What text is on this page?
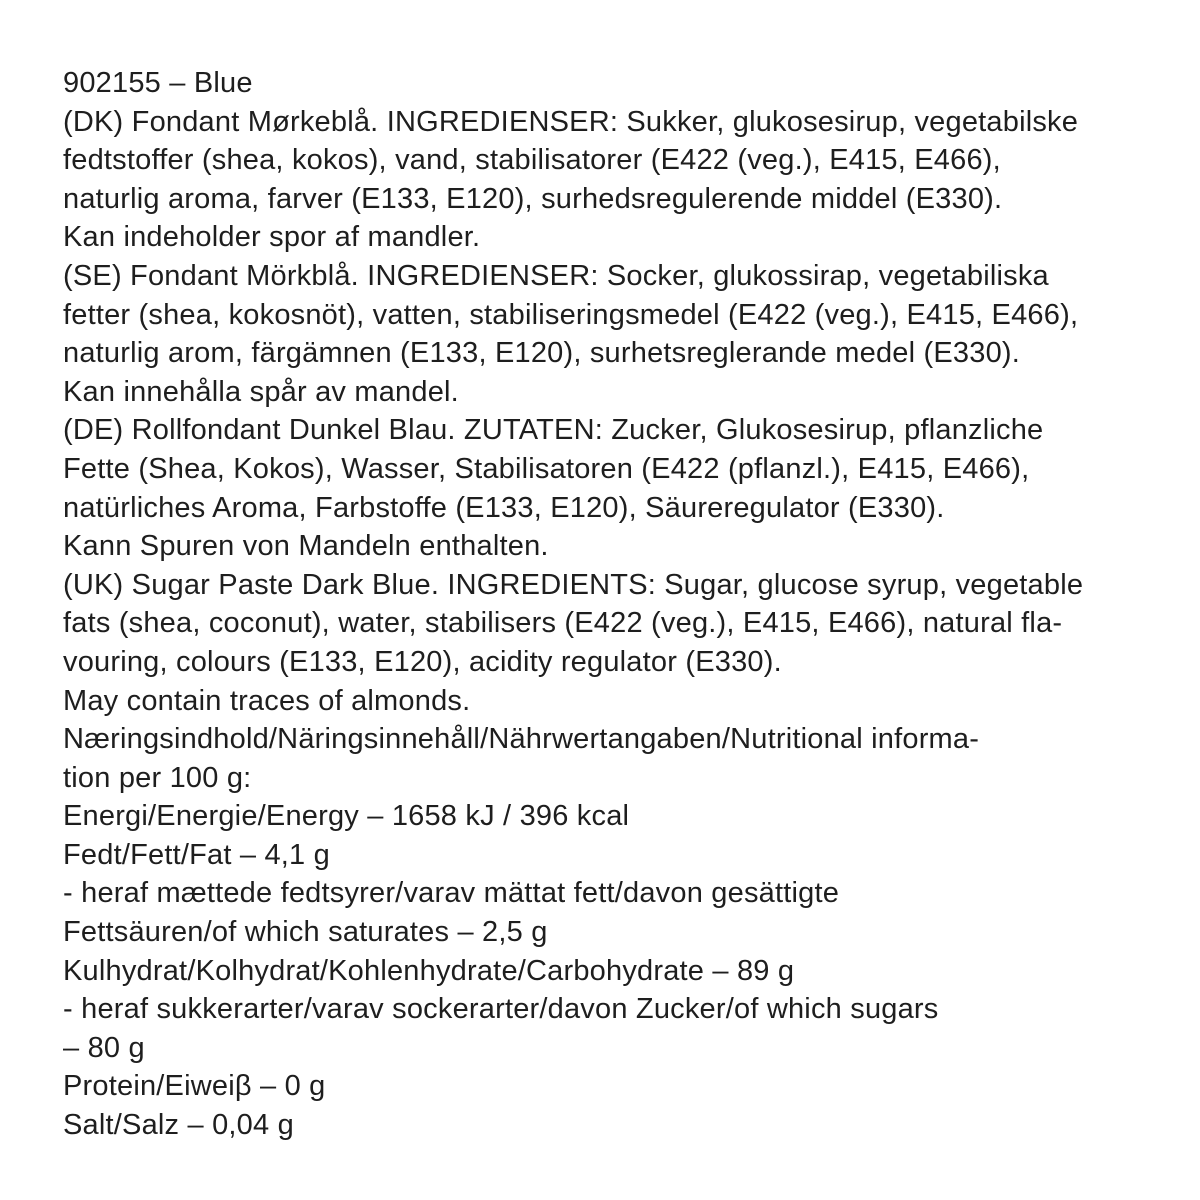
902155 – Blue
(DK) Fondant Mørkeblå. INGREDIENSER: Sukker, glukosesirup, vegetabilske
fedtstoffer (shea, kokos), vand, stabilisatorer (E422 (veg.), E415, E466),
naturlig aroma, farver (E133, E120), surhedsregulerende middel (E330).
Kan indeholder spor af mandler.
(SE) Fondant Mörkblå. INGREDIENSER: Socker, glukossirap, vegetabiliska
fetter (shea, kokosnöt), vatten, stabiliseringsmedel (E422 (veg.), E415, E466),
naturlig arom, färgämnen (E133, E120), surhetsreglerande medel (E330).
Kan innehålla spår av mandel.
(DE) Rollfondant Dunkel Blau. ZUTATEN: Zucker, Glukosesirup, pflanzliche
Fette (Shea, Kokos), Wasser, Stabilisatoren (E422 (pflanzl.), E415, E466),
natürliches Aroma, Farbstoffe (E133, E120), Säureregulator (E330).
Kann Spuren von Mandeln enthalten.
(UK) Sugar Paste Dark Blue. INGREDIENTS: Sugar, glucose syrup, vegetable
fats (shea, coconut), water, stabilisers (E422 (veg.), E415, E466), natural fla-
vouring, colours (E133, E120), acidity regulator (E330).
May contain traces of almonds.
Næringsindhold/Näringsinnehåll/Nährwertangaben/Nutritional informa-
tion per 100 g:
Energi/Energie/Energy – 1658 kJ / 396 kcal
Fedt/Fett/Fat – 4,1 g
- heraf mættede fedtsyrer/varav mättat fett/davon gesättigte
Fettsäuren/of which saturates – 2,5 g
Kulhydrat/Kolhydrat/Kohlenhydrate/Carbohydrate – 89 g
- heraf sukkerarter/varav sockerarter/davon Zucker/of which sugars
– 80 g
Protein/Eiweiβ – 0 g
Salt/Salz – 0,04 g
